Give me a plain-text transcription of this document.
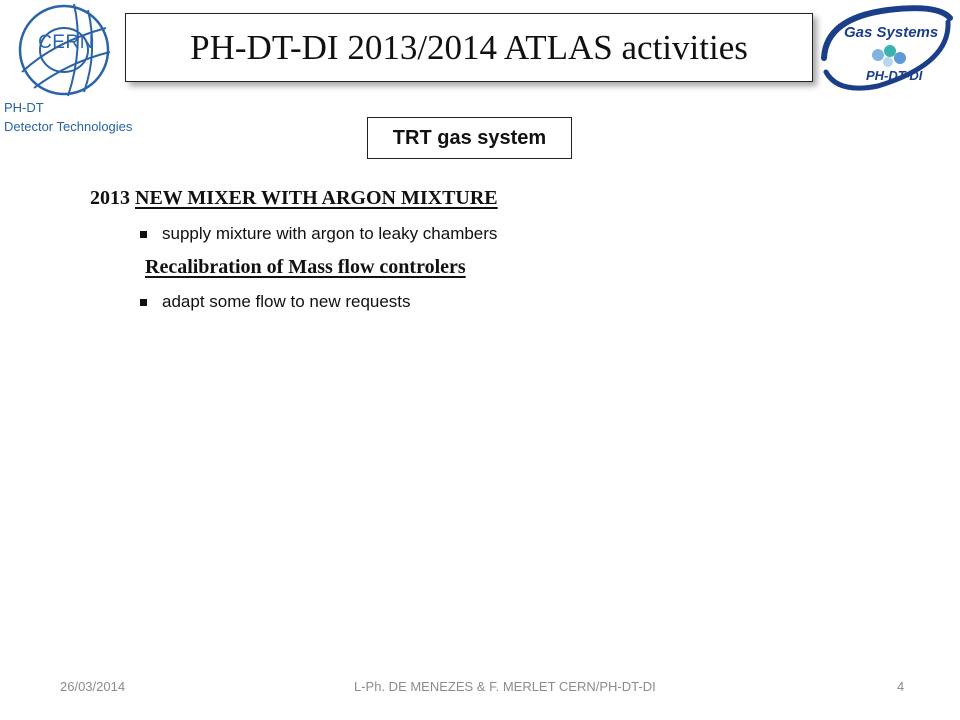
CERN
PH-DT
Detector Technologies
PH-DT-DI 2013/2014 ATLAS activities	Gas Systems
PH-DT-DI
TRT gas system
2013 NEW MIXER WITH ARGON MIXTURE
supply mixture with argon to leaky chambers
Recalibration of Mass flow controlers
adapt some flow to new requests
26/03/2014	L-Ph. DE MENEZES & F. MERLET CERN/PH-DT-DI	4
